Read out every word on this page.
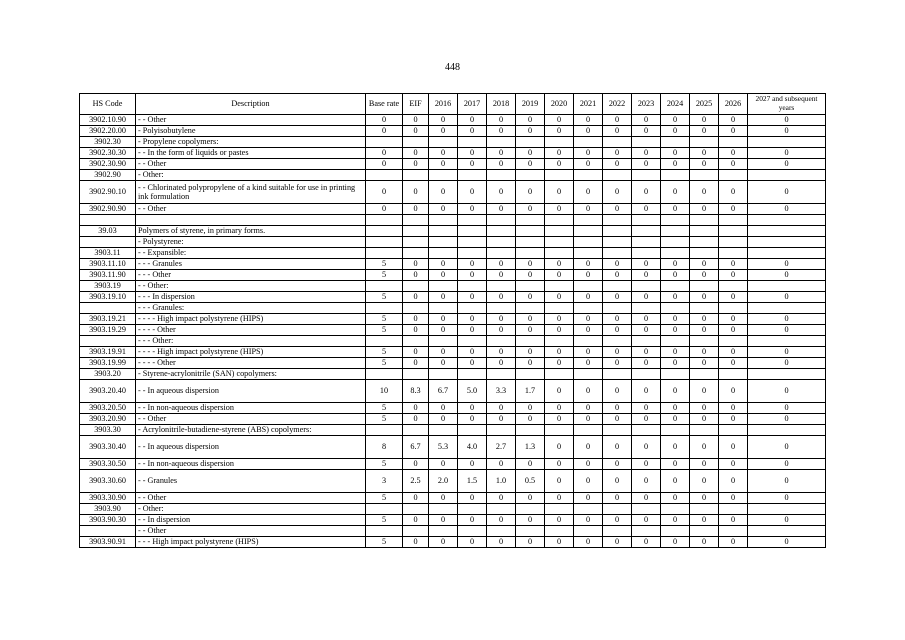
448
HS Code	Description	Base rate	EIF	2016	2017	2018	2019	2020	2021	2022	2023	2024	2025	2026	2027 and subsequent years
3902.10.90	- - Other	0	0	0	0	0	0	0	0	0	0	0	0	0	0
3902.20.00	- Polyisobutylene	0	0	0	0	0	0	0	0	0	0	0	0	0	0
3902.30	- Propylene copolymers:														
3902.30.30	- - In the form of liquids or pastes	0	0	0	0	0	0	0	0	0	0	0	0	0	0
3902.30.90	- - Other	0	0	0	0	0	0	0	0	0	0	0	0	0	0
3902.90	- Other:														
3902.90.10	- - Chlorinated polypropylene of a kind suitable for use in printing ink formulation	0	0	0	0	0	0	0	0	0	0	0	0	0	0
3902.90.90	- - Other	0	0	0	0	0	0	0	0	0	0	0	0	0	0

39.03	Polymers of styrene, in primary forms.														
	- Polystyrene:														
3903.11	- - Expansible:														
3903.11.10	- - - Granules	5	0	0	0	0	0	0	0	0	0	0	0	0	0
3903.11.90	- - - Other	5	0	0	0	0	0	0	0	0	0	0	0	0	0
3903.19	- - Other:														
3903.19.10	- - - In dispersion	5	0	0	0	0	0	0	0	0	0	0	0	0	0
	- - - Granules:														
3903.19.21	- - - - High impact polystyrene (HIPS)	5	0	0	0	0	0	0	0	0	0	0	0	0	0
3903.19.29	- - - - Other	5	0	0	0	0	0	0	0	0	0	0	0	0	0
	- - - Other:														
3903.19.91	- - - - High impact polystyrene (HIPS)	5	0	0	0	0	0	0	0	0	0	0	0	0	0
3903.19.99	- - - - Other	5	0	0	0	0	0	0	0	0	0	0	0	0	0
3903.20	- Styrene-acrylonitrile (SAN) copolymers:														
3903.20.40	- - In aqueous dispersion	10	8.3	6.7	5.0	3.3	1.7	0	0	0	0	0	0	0	0
3903.20.50	- - In non-aqueous dispersion	5	0	0	0	0	0	0	0	0	0	0	0	0	0
3903.20.90	- - Other	5	0	0	0	0	0	0	0	0	0	0	0	0	0
3903.30	- Acrylonitrile-butadiene-styrene (ABS) copolymers:														
3903.30.40	- - In aqueous dispersion	8	6.7	5.3	4.0	2.7	1.3	0	0	0	0	0	0	0	0
3903.30.50	- - In non-aqueous dispersion	5	0	0	0	0	0	0	0	0	0	0	0	0	0
3903.30.60	- - Granules	3	2.5	2.0	1.5	1.0	0.5	0	0	0	0	0	0	0	0
3903.30.90	- - Other	5	0	0	0	0	0	0	0	0	0	0	0	0	0
3903.90	- Other:														
3903.90.30	- - In dispersion	5	0	0	0	0	0	0	0	0	0	0	0	0	0
	- - Other														
3903.90.91	- - - High impact polystyrene (HIPS)	5	0	0	0	0	0	0	0	0	0	0	0	0	0
